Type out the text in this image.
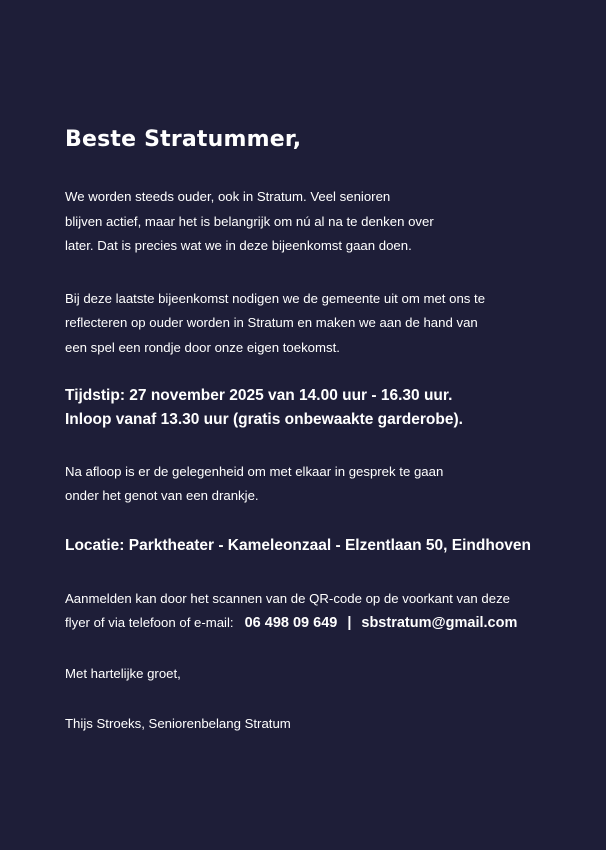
Beste Stratummer,

We worden steeds ouder, ook in Stratum. Veel senioren

blijven actief, maar het is belangrijk om nú al na te denken over

later. Dat is precies wat we in deze bijeenkomst gaan doen.

Bij deze laatste bijeenkomst nodigen we de gemeente uit om met ons te

reflecteren op ouder worden in Stratum en maken we aan de hand van

een spel een rondje door onze eigen toekomst.

Tijdstip: 27 november 2025 van 14.00 uur - 16.30 uur.

Inloop vanaf 13.30 uur (gratis onbewaakte garderobe).

Na afloop is er de gelegenheid om met elkaar in gesprek te gaan

onder het genot van een drankje.

Locatie: Parktheater - Kameleonzaal - Elzentlaan 50, Eindhoven

Aanmelden kan door het scannen van de QR-code op de voorkant van deze

flyer of via telefoon of e-mail: 06 498 09 649 | sbstratum@gmail.com

Met hartelijke groet,

Thijs Stroeks, Seniorenbelang Stratum
